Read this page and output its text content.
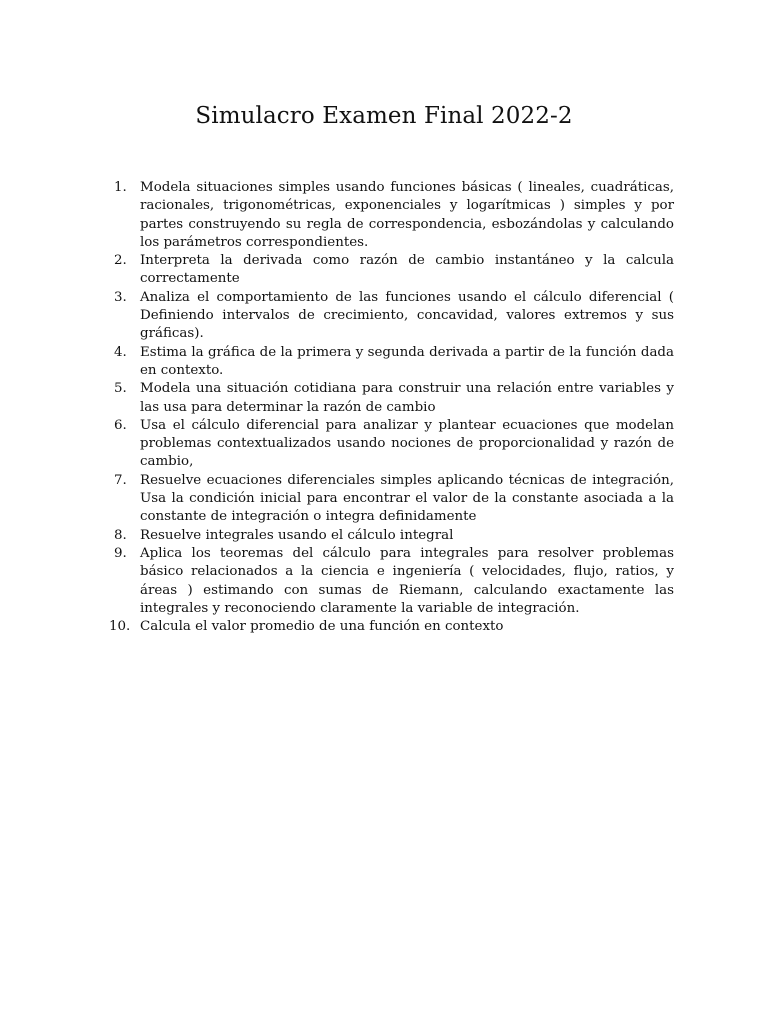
Simulacro Examen Final 2022-2
1. Modela situaciones simples usando funciones básicas ( lineales, cuadráticas, racionales, trigonométricas, exponenciales y logarítmicas ) simples y por partes construyendo su regla de correspondencia, esbozándolas y calculando los parámetros correspondientes.
2. Interpreta la derivada como razón de cambio instantáneo y la calcula correctamente
3. Analiza el comportamiento de las funciones usando el cálculo diferencial ( Definiendo intervalos de crecimiento, concavidad, valores extremos y sus gráficas).
4. Estima la gráfica de la primera y segunda derivada a partir de la función dada en contexto.
5. Modela una situación cotidiana para construir una relación entre variables y las usa para determinar la razón de cambio
6. Usa el cálculo diferencial para analizar y plantear ecuaciones que modelan problemas contextualizados usando nociones de proporcionalidad y razón de cambio,
7. Resuelve ecuaciones diferenciales simples aplicando técnicas de integración, Usa la condición inicial para encontrar el valor de la constante asociada a la constante de integración o integra definidamente
8. Resuelve integrales usando el cálculo integral
9. Aplica los teoremas del cálculo para integrales para resolver problemas básico relacionados a la ciencia e ingeniería ( velocidades, flujo, ratios, y áreas ) estimando con sumas de Riemann, calculando exactamente las integrales y reconociendo claramente la variable de integración.
10. Calcula el valor promedio de una función en contexto
